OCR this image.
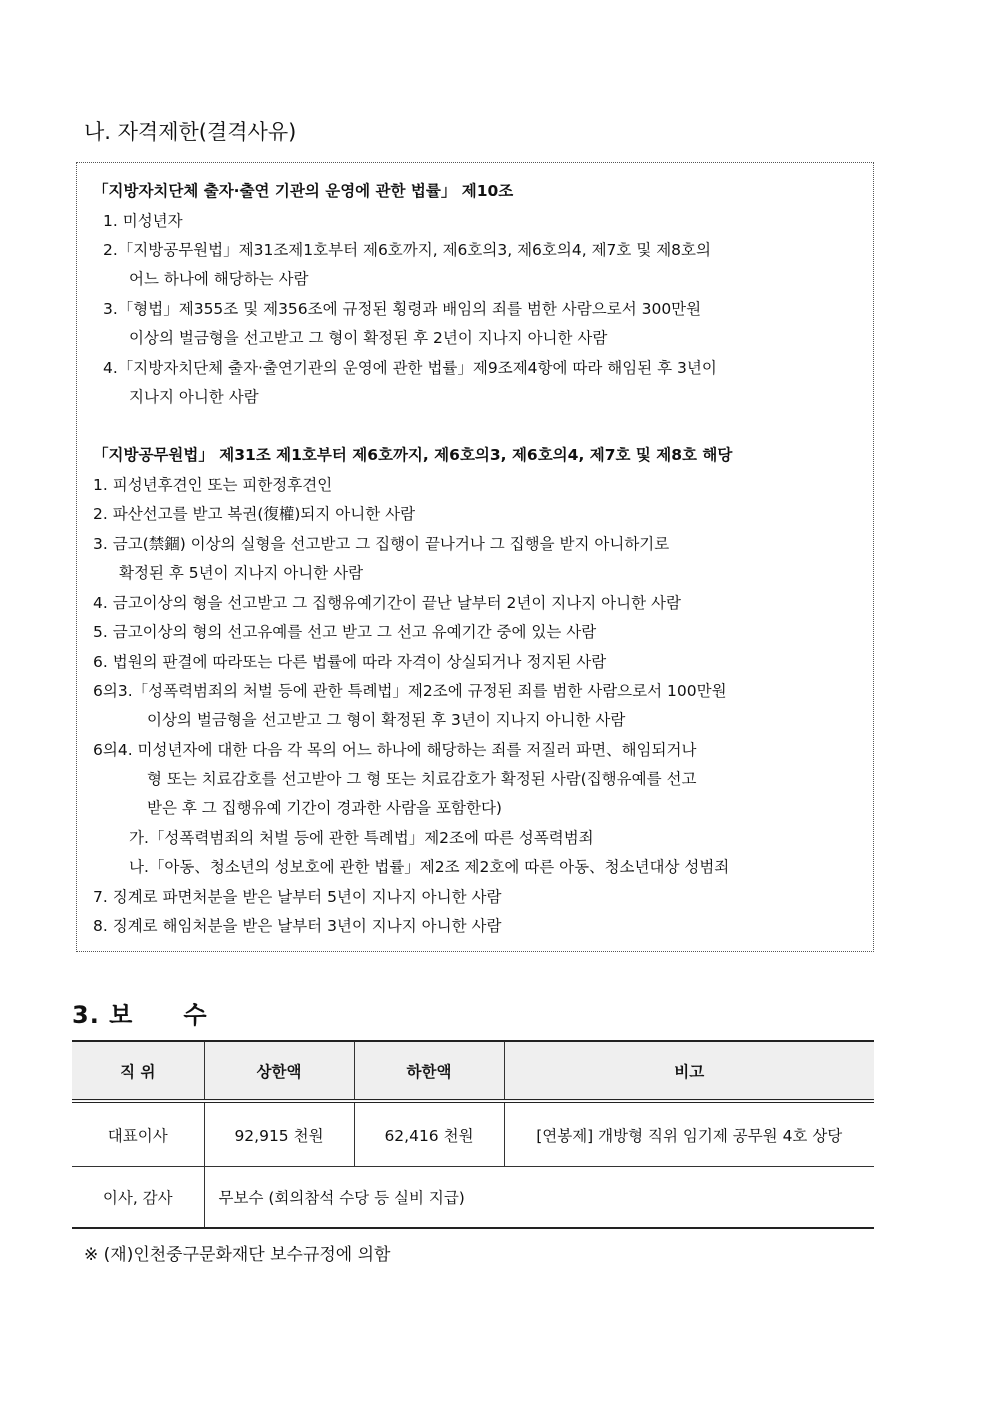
나. 자격제한(결격사유)
「지방자치단체 출자·출연 기관의 운영에 관한 법률」 제10조
1. 미성년자
2.「지방공무원법」제31조제1호부터 제6호까지, 제6호의3, 제6호의4, 제7호 및 제8호의
어느 하나에 해당하는 사람
3.「형법」제355조 및 제356조에 규정된 횡령과 배임의 죄를 범한 사람으로서 300만원
이상의 벌금형을 선고받고 그 형이 확정된 후 2년이 지나지 아니한 사람
4.「지방자치단체 출자·출연기관의 운영에 관한 법률」제9조제4항에 따라 해임된 후 3년이
지나지 아니한 사람
「지방공무원법」 제31조 제1호부터 제6호까지, 제6호의3, 제6호의4, 제7호 및 제8호 해당
1. 피성년후견인 또는 피한정후견인
2. 파산선고를 받고 복권(復權)되지 아니한 사람
3. 금고(禁錮) 이상의 실형을 선고받고 그 집행이 끝나거나 그 집행을 받지 아니하기로
확정된 후 5년이 지나지 아니한 사람
4. 금고이상의 형을 선고받고 그 집행유예기간이 끝난 날부터 2년이 지나지 아니한 사람
5. 금고이상의 형의 선고유예를 선고 받고 그 선고 유예기간 중에 있는 사람
6. 법원의 판결에 따라또는 다른 법률에 따라 자격이 상실되거나 정지된 사람
6의3.「성폭력범죄의 처벌 등에 관한 특례법」제2조에 규정된 죄를 범한 사람으로서 100만원
이상의 벌금형을 선고받고 그 형이 확정된 후 3년이 지나지 아니한 사람
6의4. 미성년자에 대한 다음 각 목의 어느 하나에 해당하는 죄를 저질러 파면、해임되거나
형 또는 치료감호를 선고받아 그 형 또는 치료감호가 확정된 사람(집행유예를 선고
받은 후 그 집행유예 기간이 경과한 사람을 포함한다)
가.「성폭력범죄의 처벌 등에 관한 특례법」제2조에 따른 성폭력범죄
나.「아동、청소년의 성보호에 관한 법률」제2조 제2호에 따른 아동、청소년대상 성범죄
7. 징계로 파면처분을 받은 날부터 5년이 지나지 아니한 사람
8. 징계로 해임처분을 받은 날부터 3년이 지나지 아니한 사람
3. 보 수
직 위	상한액	하한액	비고
대표이사	92,915 천원	62,416 천원	[연봉제] 개방형 직위 임기제 공무원 4호 상당
이사, 감사	무보수 (회의참석 수당 등 실비 지급)		
※ (재)인천중구문화재단 보수규정에 의함
